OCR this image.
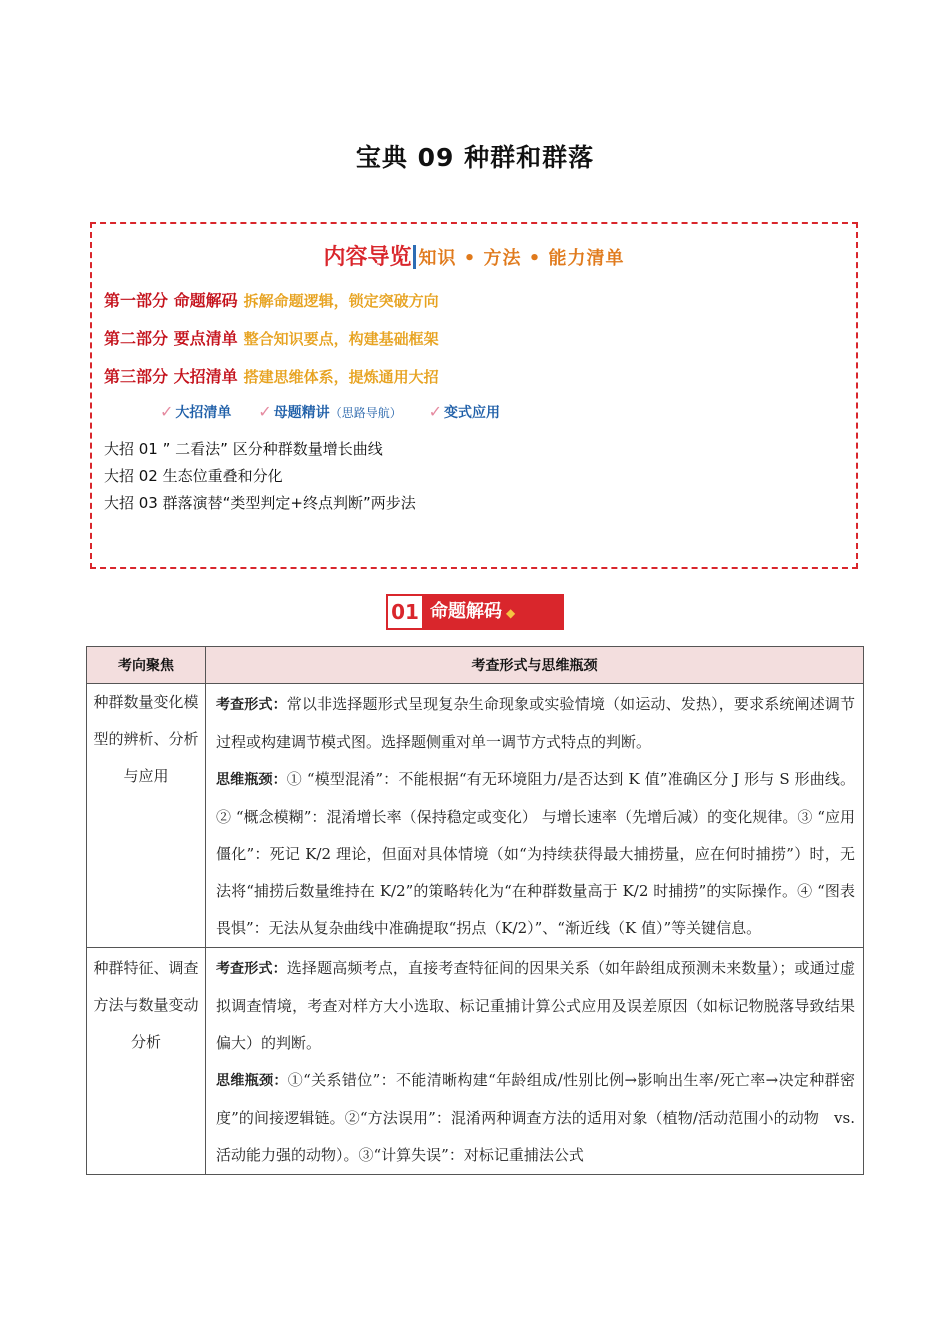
宝典 09 种群和群落
内容导览 知识 • 方法 • 能力清单
第一部分 命题解码 拆解命题逻辑，锁定突破方向
第二部分 要点清单 整合知识要点，构建基础框架
第三部分 大招清单 搭建思维体系，提炼通用大招
✓ 大招清单 ✓ 母题精讲（思路导航） ✓ 变式应用
大招 01 ” 二看法” 区分种群数量增长曲线
大招 02 生态位重叠和分化
大招 03 群落演替“类型判定+终点判断”两步法
01 命题解码 ◆
考向聚焦	考查形式与思维瓶颈
种群数量变化模型的辨析、分析与应用	考查形式：常以非选择题形式呈现复杂生命现象或实验情境（如运动、发热），要求系统阐述调节过程或构建调节模式图。选择题侧重对单一调节方式特点的判断。
思维瓶颈：① “模型混淆”：不能根据“有无环境阻力/是否达到 K 值”准确区分 J 形与 S 形曲线。② “概念模糊”：混淆增长率（保持稳定或变化） 与增长速率（先增后减）的变化规律。③ “应用僵化”：死记 K/2 理论，但面对具体情境（如“为持续获得最大捕捞量，应在何时捕捞”）时，无法将“捕捞后数量维持在 K/2”的策略转化为“在种群数量高于 K/2 时捕捞”的实际操作。④ “图表畏惧”：无法从复杂曲线中准确提取“拐点（K/2）”、“渐近线（K 值）”等关键信息。

种群特征、调查方法与数量变动分析	考查形式：选择题高频考点，直接考查特征间的因果关系（如年龄组成预测未来数量）；或通过虚拟调查情境，考查对样方大小选取、标记重捕计算公式应用及误差原因（如标记物脱落导致结果偏大）的判断。
思维瓶颈：①“关系错位”：不能清晰构建“年龄组成/性别比例→影响出生率/死亡率→决定种群密度”的间接逻辑链。②“方法误用”：混淆两种调查方法的适用对象（植物/活动范围小的动物　vs. 活动能力强的动物）。③“计算失误”：对标记重捕法公式
